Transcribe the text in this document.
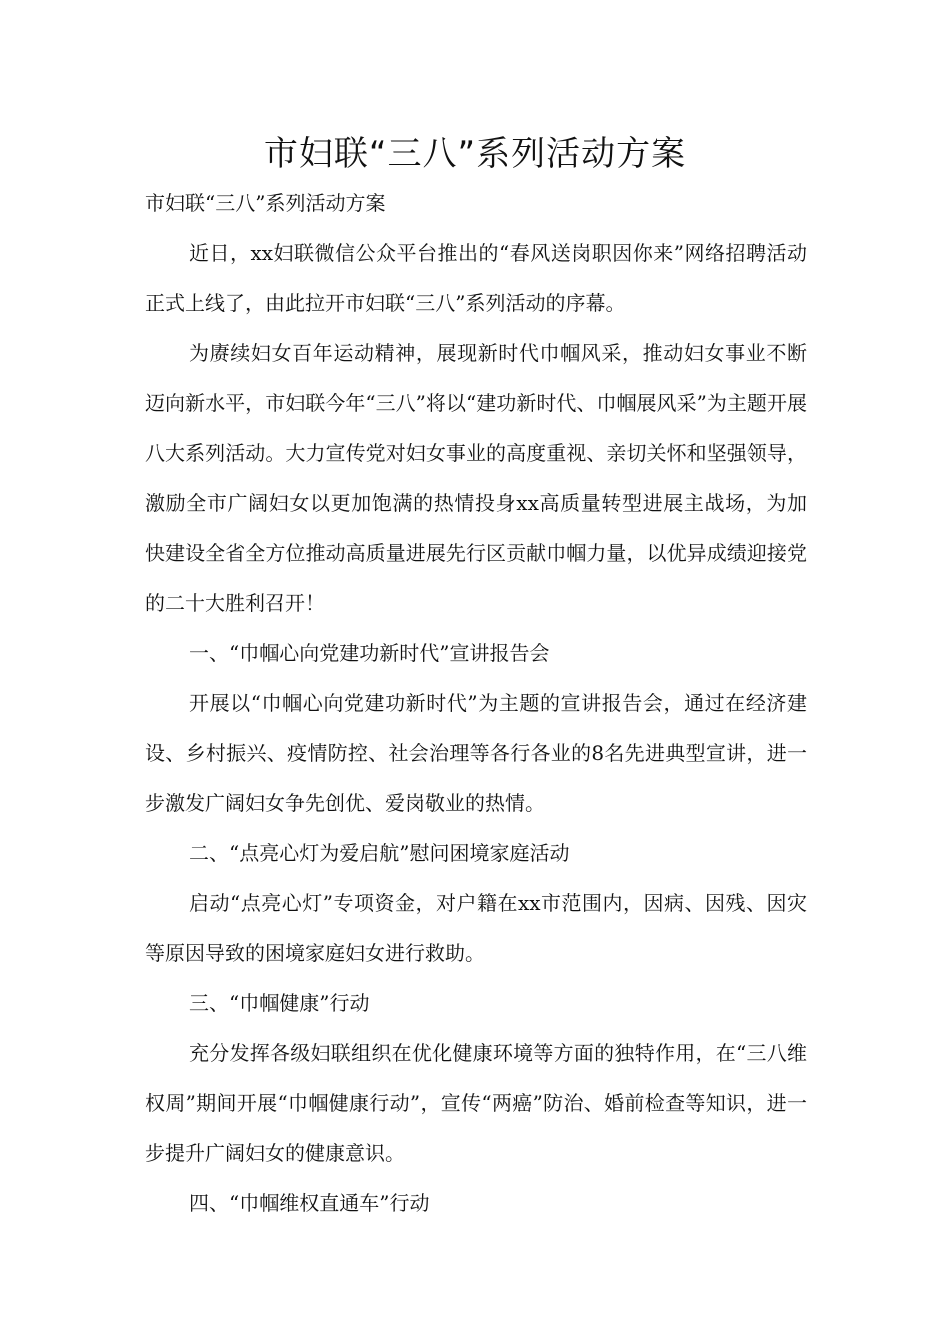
市妇联“三八”系列活动方案

市妇联“三八”系列活动方案

近日，xx妇联微信公众平台推出的“春风送岗职因你来”网络招聘活动正式上线了，由此拉开市妇联“三八”系列活动的序幕。

为赓续妇女百年运动精神，展现新时代巾帼风采，推动妇女事业不断迈向新水平，市妇联今年“三八”将以“建功新时代、巾帼展风采”为主题开展八大系列活动。大力宣传党对妇女事业的高度重视、亲切关怀和坚强领导，激励全市广阔妇女以更加饱满的热情投身xx高质量转型进展主战场，为加快建设全省全方位推动高质量进展先行区贡献巾帼力量，以优异成绩迎接党的二十大胜利召开！

一、“巾帼心向党建功新时代”宣讲报告会

开展以“巾帼心向党建功新时代”为主题的宣讲报告会，通过在经济建设、乡村振兴、疫情防控、社会治理等各行各业的8名先进典型宣讲，进一步激发广阔妇女争先创优、爱岗敬业的热情。

二、“点亮心灯为爱启航”慰问困境家庭活动

启动“点亮心灯”专项资金，对户籍在xx市范围内，因病、因残、因灾等原因导致的困境家庭妇女进行救助。

三、“巾帼健康”行动

充分发挥各级妇联组织在优化健康环境等方面的独特作用，在“三八维权周”期间开展“巾帼健康行动”，宣传“两癌”防治、婚前检查等知识，进一步提升广阔妇女的健康意识。

四、“巾帼维权直通车”行动
